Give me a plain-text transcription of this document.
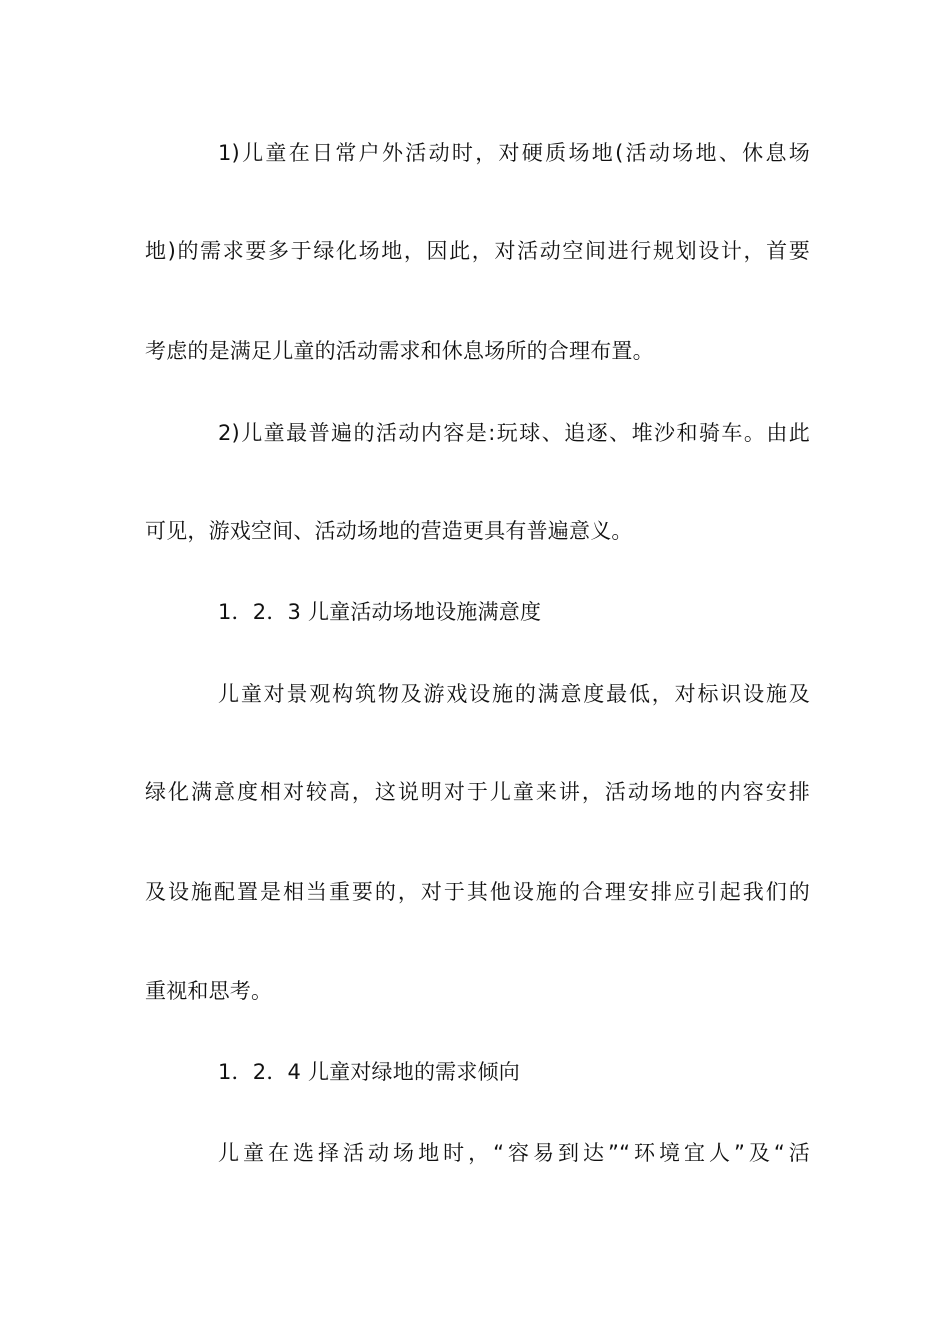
1)儿童在日常户外活动时，对硬质场地(活动场地、休息场
地)的需求要多于绿化场地，因此，对活动空间进行规划设计，首要
考虑的是满足儿童的活动需求和休息场所的合理布置。
2)儿童最普遍的活动内容是:玩球、追逐、堆沙和骑车。由此
可见，游戏空间、活动场地的营造更具有普遍意义。
1．2．3 儿童活动场地设施满意度
儿童对景观构筑物及游戏设施的满意度最低，对标识设施及
绿化满意度相对较高，这说明对于儿童来讲，活动场地的内容安排
及设施配置是相当重要的，对于其他设施的合理安排应引起我们的
重视和思考。
1．2．4 儿童对绿地的需求倾向
儿童在选择活动场地时，“容易到达”“环境宜人”及“活
